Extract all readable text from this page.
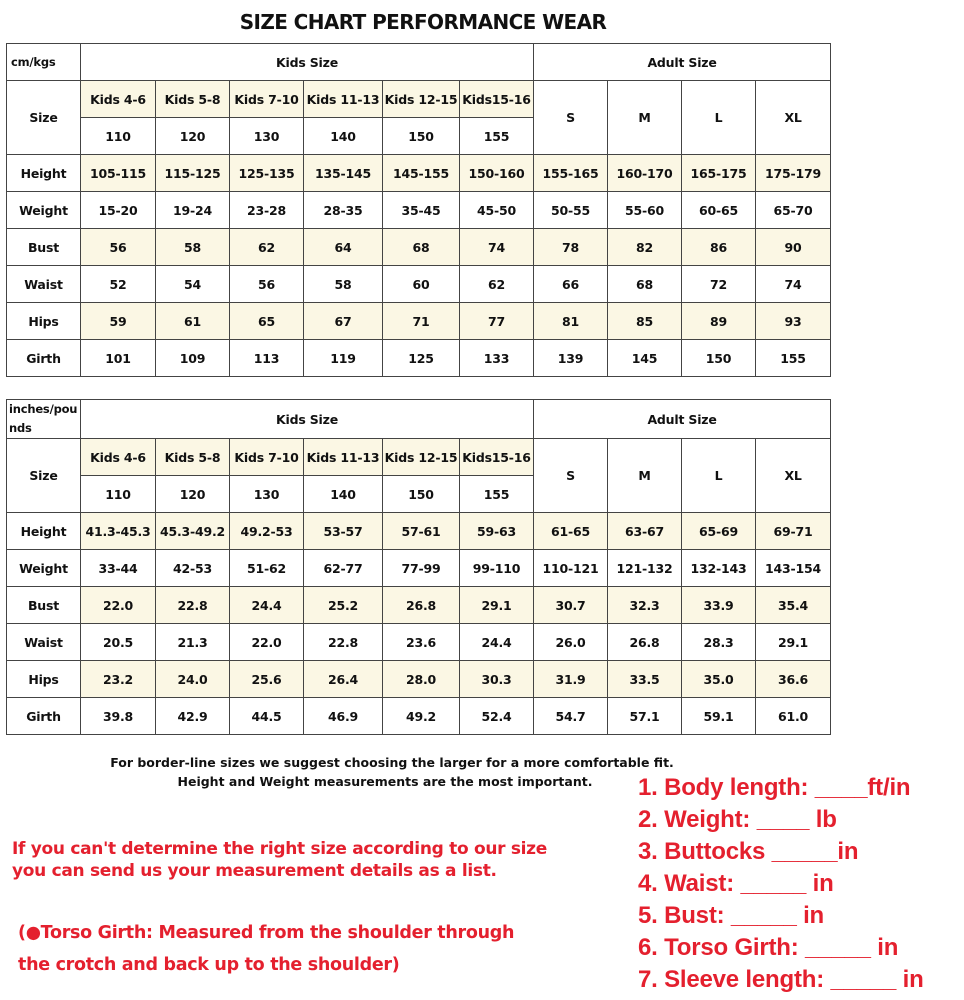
SIZE CHART PERFORMANCE WEAR
cm/kgs	Kids Size						Adult Size			
Size	Kids 4-6	Kids 5-8	Kids 7-10	Kids 11-13	Kids 12-15	Kids15-16	S	M	L	XL
	110	120	130	140	150	155				
Height	105-115	115-125	125-135	135-145	145-155	150-160	155-165	160-170	165-175	175-179
Weight	15-20	19-24	23-28	28-35	35-45	45-50	50-55	55-60	60-65	65-70
Bust	56	58	62	64	68	74	78	82	86	90
Waist	52	54	56	58	60	62	66	68	72	74
Hips	59	61	65	67	71	77	81	85	89	93
Girth	101	109	113	119	125	133	139	145	150	155
inches/pou nds	Kids Size						Adult Size			
Size	Kids 4-6	Kids 5-8	Kids 7-10	Kids 11-13	Kids 12-15	Kids15-16	S	M	L	XL
	110	120	130	140	150	155				
Height	41.3-45.3	45.3-49.2	49.2-53	53-57	57-61	59-63	61-65	63-67	65-69	69-71
Weight	33-44	42-53	51-62	62-77	77-99	99-110	110-121	121-132	132-143	143-154
Bust	22.0	22.8	24.4	25.2	26.8	29.1	30.7	32.3	33.9	35.4
Waist	20.5	21.3	22.0	22.8	23.6	24.4	26.0	26.8	28.3	29.1
Hips	23.2	24.0	25.6	26.4	28.0	30.3	31.9	33.5	35.0	36.6
Girth	39.8	42.9	44.5	46.9	49.2	52.4	54.7	57.1	59.1	61.0
For border-line sizes we suggest choosing the larger for a more comfortable fit.
Height and Weight measurements are the most important.
If you can't determine the right size according to our size
you can send us your measurement details as a list.
(●Torso Girth: Measured from the shoulder through
the crotch and back up to the shoulder)
1. Body length: ____ft/in
2. Weight: ____ lb
3. Buttocks _____in
4. Waist: _____ in
5. Bust: _____ in
6. Torso Girth: _____ in
7. Sleeve length: _____ in
